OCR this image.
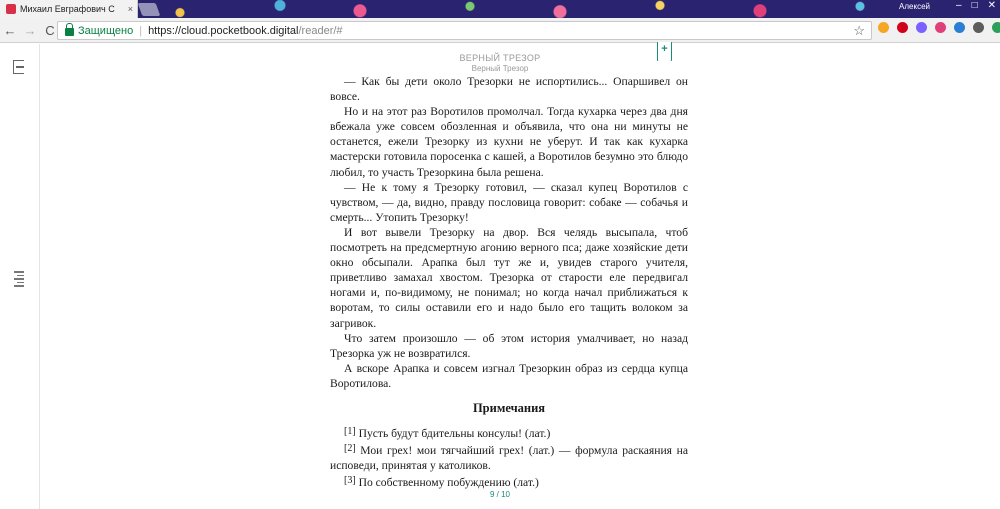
Михаил Евграфович С	×	Алексей	– □ ✕
← → C	Защищено | https://cloud.pocketbook.digital /reader/#	☆
ВЕРНЫЙ ТРЕЗОР
Верный Трезор
+

— Как бы дети около Трезорки не испортились... Опаршивел он вовсе.

Но и на этот раз Воротилов промолчал. Тогда кухарка через два дня вбежала уже совсем обозленная и объявила, что она ни минуты не останется, ежели Трезорку из кухни не уберут. И так как кухарка мастерски готовила поросенка с кашей, а Воротилов безумно это блюдо любил, то участь Трезоркина была решена.

— Не к тому я Трезорку готовил, — сказал купец Воротилов с чувством, — да, видно, правду пословица говорит: собаке — собачья и смерть... Утопить Трезорку!

И вот вывели Трезорку на двор. Вся челядь высыпала, чтоб посмотреть на предсмертную агонию верного пса; даже хозяйские дети окно обсыпали. Арапка был тут же и, увидев старого учителя, приветливо замахал хвостом. Трезорка от старости еле передвигал ногами и, по-видимому, не понимал; но когда начал приближаться к воротам, то силы оставили его и надо было его тащить волоком за загривок.

Что затем произошло — об этом история умалчивает, но назад Трезорка уж не возвратился.

А вскоре Арапка и совсем изгнал Трезоркин образ из сердца купца Воротилова.

Примечания

[1] Пусть будут бдительны консулы! (лат.)

[2] Мои грех! мои тягчайший грех! (лат.) — формула раскаяния на исповеди, принятая у католиков.

[3] По собственному побуждению (лат.)

9 / 10
